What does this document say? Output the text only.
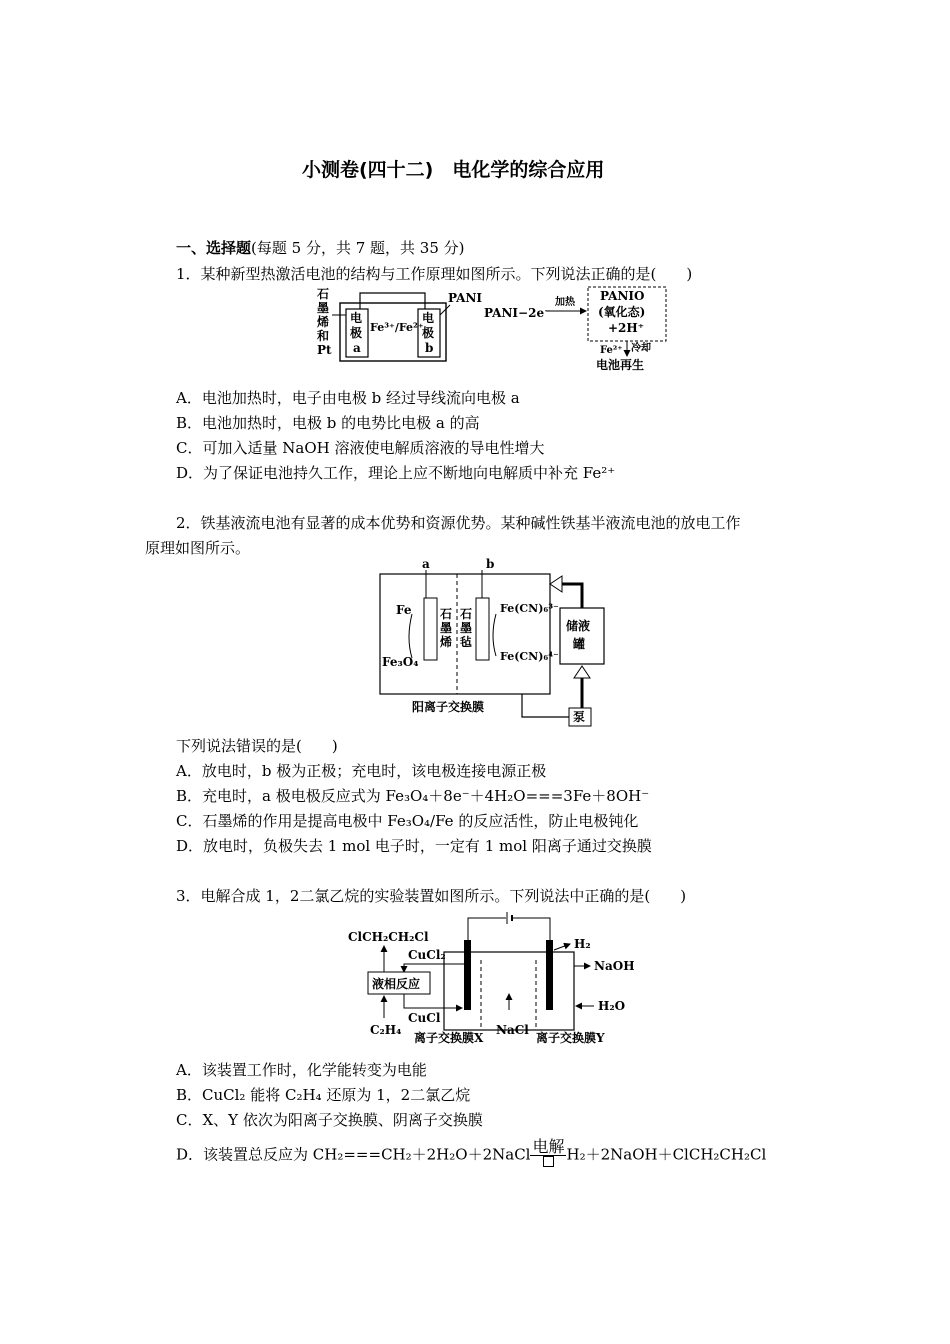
小测卷(四十二)　电化学的综合应用
一、选择题(每题 5 分，共 7 题，共 35 分)
1．某种新型热激活电池的结构与工作原理如图所示。下列说法正确的是(　　)
石
墨
烯
和
Pt
电
极
a
电
极
b
Fe³⁺/Fe²⁺
PANI
PANI−2e⁻
加热 PANIO
(氧化态)
+2H⁺
Fe²⁺ 冷却
电池再生
A．电池加热时，电子由电极 b 经过导线流向电极 a
B．电池加热时，电极 b 的电势比电极 a 的高
C．可加入适量 NaOH 溶液使电解质溶液的导电性增大
D．为了保证电池持久工作，理论上应不断地向电解质中补充 Fe²⁺
2．铁基液流电池有显著的成本优势和资源优势。某种碱性铁基半液流电池的放电工作
原理如图所示。
a	b
石
墨
烯
石
墨
毡
Fe
Fe₃O₄
Fe(CN)₆³⁻
Fe(CN)₆⁴⁻
储液
罐
泵
阳离子交换膜
下列说法错误的是(　　)
A．放电时，b 极为正极；充电时，该电极连接电源正极
B．充电时，a 极电极反应式为 Fe₃O₄＋8e⁻＋4H₂O===3Fe＋8OH⁻
C．石墨烯的作用是提高电极中 Fe₃O₄/Fe 的反应活性，防止电极钝化
D．放电时，负极失去 1 mol 电子时，一定有 1 mol 阳离子通过交换膜
3．电解合成 1，2二氯乙烷的实验装置如图所示。下列说法中正确的是(　　)
ClCH₂CH₂Cl
CuCl₂
液相反应
CuCl
C₂H₄
H₂
NaOH
H₂O
离子交换膜X
NaCl
离子交换膜Y
A．该装置工作时，化学能转变为电能
B．CuCl₂ 能将 C₂H₄ 还原为 1，2二氯乙烷
C．X、Y 依次为阳离子交换膜、阴离子交换膜
D．该装置总反应为 CH₂===CH₂＋2H₂O＋2NaCl 电解 H₂＋2NaOH＋ClCH₂CH₂Cl
